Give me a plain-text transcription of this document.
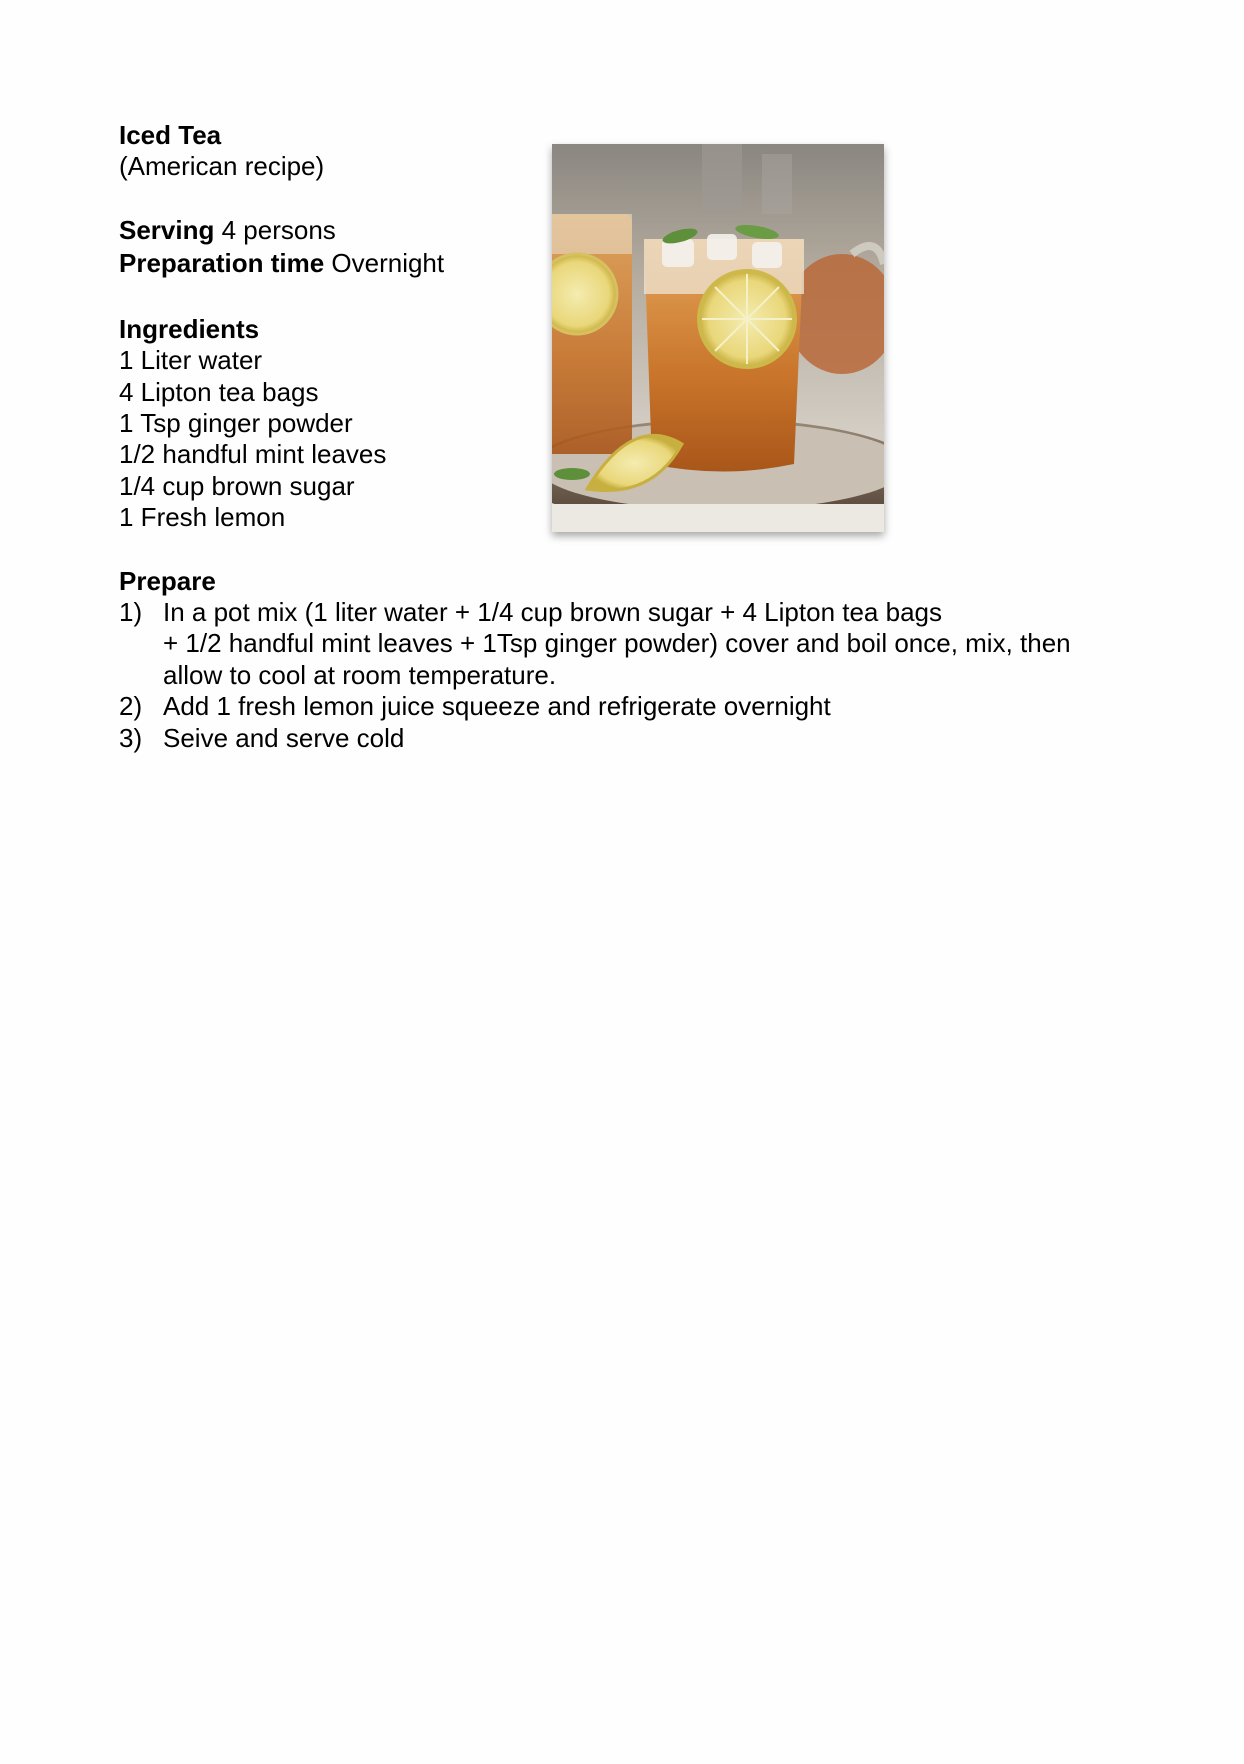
Iced Tea
(American recipe)
Serving 4 persons
Preparation time Overnight
Ingredients
1 Liter water
4 Lipton tea bags
1 Tsp ginger powder
1/2 handful mint leaves
1/4 cup brown sugar
1 Fresh lemon
Prepare
1) In a pot mix (1 liter water + 1/4 cup brown sugar + 4 Lipton tea bags
+ 1/2 handful mint leaves + 1Tsp ginger powder) cover and boil once, mix, then
allow to cool at room temperature.
2) Add 1 fresh lemon juice squeeze and refrigerate overnight
3) Seive and serve cold
